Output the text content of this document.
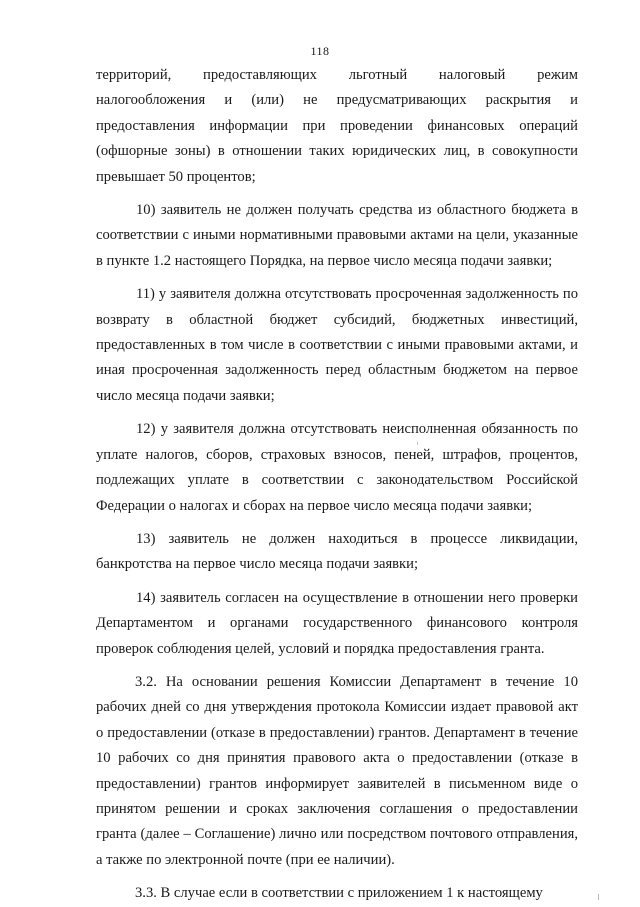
118

территорий, предоставляющих льготный налоговый режим налогообложения и (или) не предусматривающих раскрытия и предоставления информации при проведении финансовых операций (офшорные зоны) в отношении таких юридических лиц, в совокупности превышает 50 процентов;

10) заявитель не должен получать средства из областного бюджета в соответствии с иными нормативными правовыми актами на цели, указанные в пункте 1.2 настоящего Порядка, на первое число месяца подачи заявки;

11) у заявителя должна отсутствовать просроченная задолженность по возврату в областной бюджет субсидий, бюджетных инвестиций, предоставленных в том числе в соответствии с иными правовыми актами, и иная просроченная задолженность перед областным бюджетом на первое число месяца подачи заявки;

12) у заявителя должна отсутствовать неисполненная обязанность по уплате налогов, сборов, страховых взносов, пеней, штрафов, процентов, подлежащих уплате в соответствии с законодательством Российской Федерации о налогах и сборах на первое число месяца подачи заявки;

13) заявитель не должен находиться в процессе ликвидации, банкротства на первое число месяца подачи заявки;

14) заявитель согласен на осуществление в отношении него проверки Департаментом и органами государственного финансового контроля проверок соблюдения целей, условий и порядка предоставления гранта.

3.2. На основании решения Комиссии Департамент в течение 10 рабочих дней со дня утверждения протокола Комиссии издает правовой акт о предоставлении (отказе в предоставлении) грантов. Департамент в течение 10 рабочих со дня принятия правового акта о предоставлении (отказе в предоставлении) грантов информирует заявителей в письменном виде о принятом решении и сроках заключения соглашения о предоставлении гранта (далее – Соглашение) лично или посредством почтового отправления, а также по электронной почте (при ее наличии).

3.3. В случае если в соответствии с приложением 1 к настоящему
